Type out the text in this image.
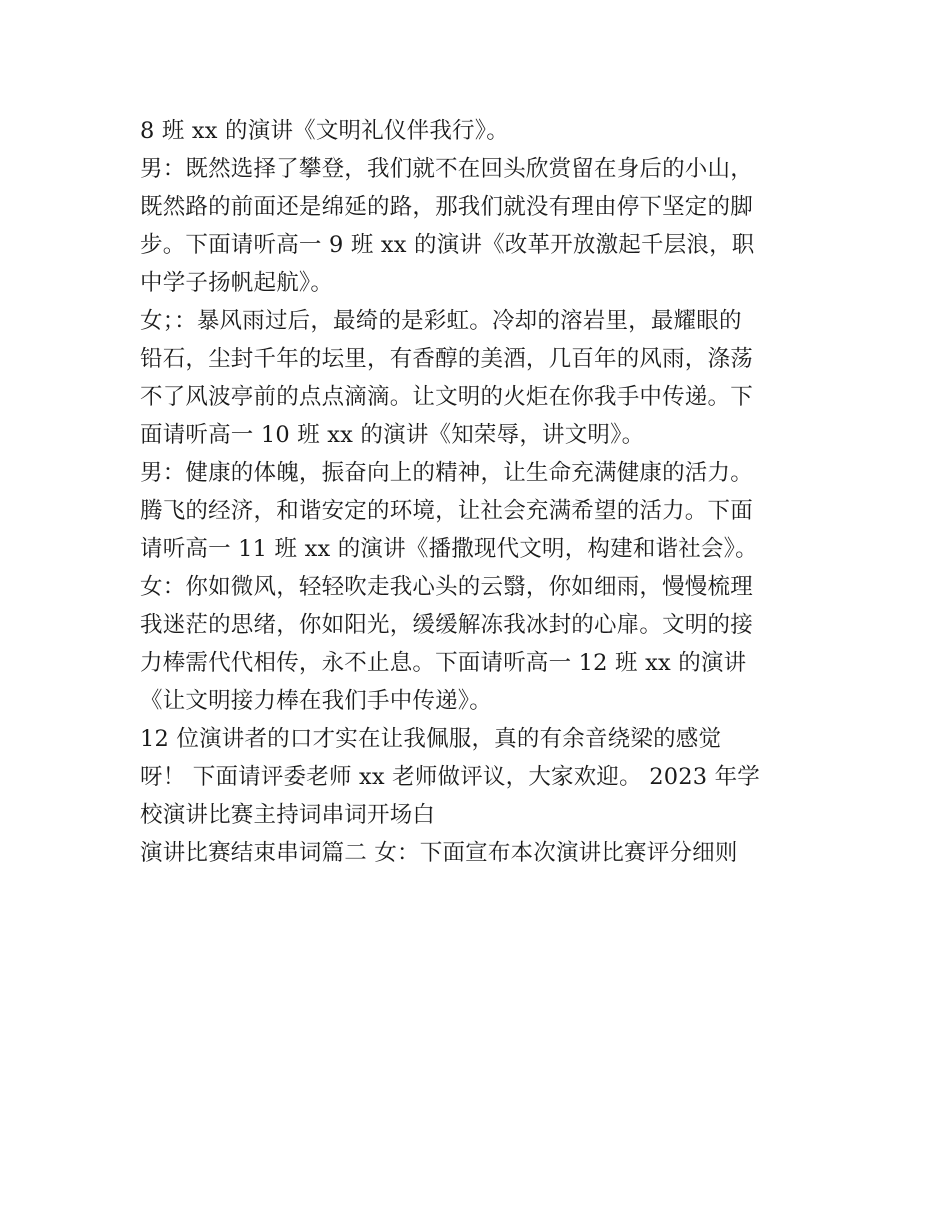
8 班 xx 的演讲《文明礼仪伴我行》。
男：既然选择了攀登，我们就不在回头欣赏留在身后的小山，
既然路的前面还是绵延的路，那我们就没有理由停下坚定的脚
步。下面请听高一 9 班 xx 的演讲《改革开放激起千层浪，职
中学子扬帆起航》。
女；：暴风雨过后，最绮的是彩虹。冷却的溶岩里，最耀眼的
铅石，尘封千年的坛里，有香醇的美酒，几百年的风雨，涤荡
不了风波亭前的点点滴滴。让文明的火炬在你我手中传递。下
面请听高一 10 班 xx 的演讲《知荣辱，讲文明》。
男：健康的体魄，振奋向上的精神，让生命充满健康的活力。
腾飞的经济，和谐安定的环境，让社会充满希望的活力。下面
请听高一 11 班 xx 的演讲《播撒现代文明，构建和谐社会》。
女：你如微风，轻轻吹走我心头的云翳，你如细雨，慢慢梳理
我迷茫的思绪，你如阳光，缓缓解冻我冰封的心扉。文明的接
力棒需代代相传，永不止息。下面请听高一 12 班 xx 的演讲
《让文明接力棒在我们手中传递》。
12 位演讲者的口才实在让我佩服，真的有余音绕梁的感觉
呀！ 下面请评委老师 xx 老师做评议，大家欢迎。 2023 年学
校演讲比赛主持词串词开场白
演讲比赛结束串词篇二 女：下面宣布本次演讲比赛评分细则
